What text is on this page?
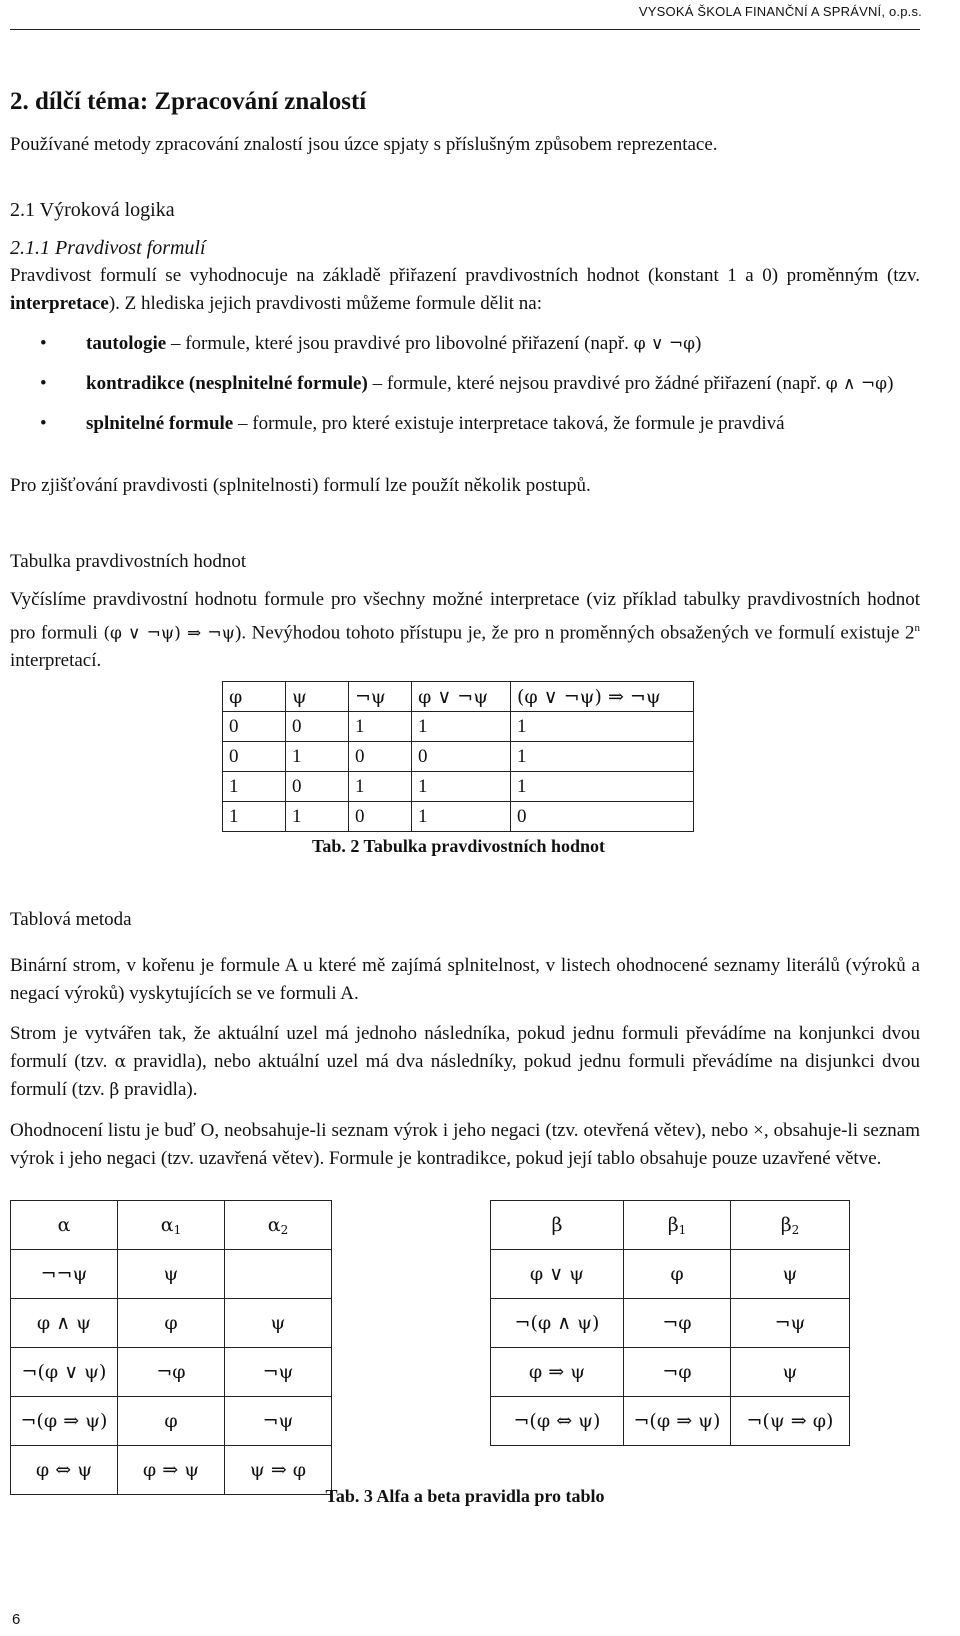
VYSOKÁ ŠKOLA FINANČNÍ A SPRÁVNÍ, o.p.s.
2. dílčí téma: Zpracování znalostí
Používané metody zpracování znalostí jsou úzce spjaty s příslušným způsobem reprezentace.
2.1 Výroková logika
2.1.1 Pravdivost formulí
Pravdivost formulí se vyhodnocuje na základě přiřazení pravdivostních hodnot (konstant 1 a 0) proměnným (tzv. interpretace). Z hlediska jejich pravdivosti můžeme formule dělit na:
• tautologie – formule, které jsou pravdivé pro libovolné přiřazení (např. φ ∨ ¬φ)
• kontradikce (nesplnitelné formule) – formule, které nejsou pravdivé pro žádné přiřazení (např. φ ∧ ¬φ)
• splnitelné formule – formule, pro které existuje interpretace taková, že formule je pravdivá
Pro zjišťování pravdivosti (splnitelnosti) formulí lze použít několik postupů.
Tabulka pravdivostních hodnot
Vyčíslíme pravdivostní hodnotu formule pro všechny možné interpretace (viz příklad tabulky pravdivostních hodnot pro formuli (φ ∨ ¬ψ) ⇒ ¬ψ). Nevýhodou tohoto přístupu je, že pro n proměnných obsažených ve formulí existuje 2$^n$ interpretací.
φ	ψ	¬ψ	φ ∨ ¬ψ	(φ ∨ ¬ψ) ⇒ ¬ψ
0	0	1	1	1
0	1	0	0	1
1	0	1	1	1
1	1	0	1	0
Tab. 2 Tabulka pravdivostních hodnot
Tablová metoda
Binární strom, v kořenu je formule A u které mě zajímá splnitelnost, v listech ohodnocené seznamy literálů (výroků a negací výroků) vyskytujících se ve formuli A.
Strom je vytvářen tak, že aktuální uzel má jednoho následníka, pokud jednu formuli převádíme na konjunkci dvou formulí (tzv. α pravidla), nebo aktuální uzel má dva následníky, pokud jednu formuli převádíme na disjunkci dvou formulí (tzv. β pravidla).
Ohodnocení listu je buď O, neobsahuje-li seznam výrok i jeho negaci (tzv. otevřená větev), nebo ×, obsahuje-li seznam výrok i jeho negaci (tzv. uzavřená větev). Formule je kontradikce, pokud její tablo obsahuje pouze uzavřené větve.
α	$\alpha_1$	$\alpha_2$
¬¬ψ	ψ	
φ ∧ ψ	φ	ψ
¬(φ ∨ ψ)	¬φ	¬ψ
¬(φ ⇒ ψ)	φ	¬ψ
φ ⇔ ψ	φ ⇒ ψ	ψ ⇒ φ
β	$\beta_1$	$\beta_2$
φ ∨ ψ	φ	ψ
¬(φ ∧ ψ)	¬φ	¬ψ
φ ⇒ ψ	¬φ	ψ
¬(φ ⇔ ψ)	¬(φ ⇒ ψ)	¬(ψ ⇒ φ)
Tab. 3 Alfa a beta pravidla pro tablo
6
